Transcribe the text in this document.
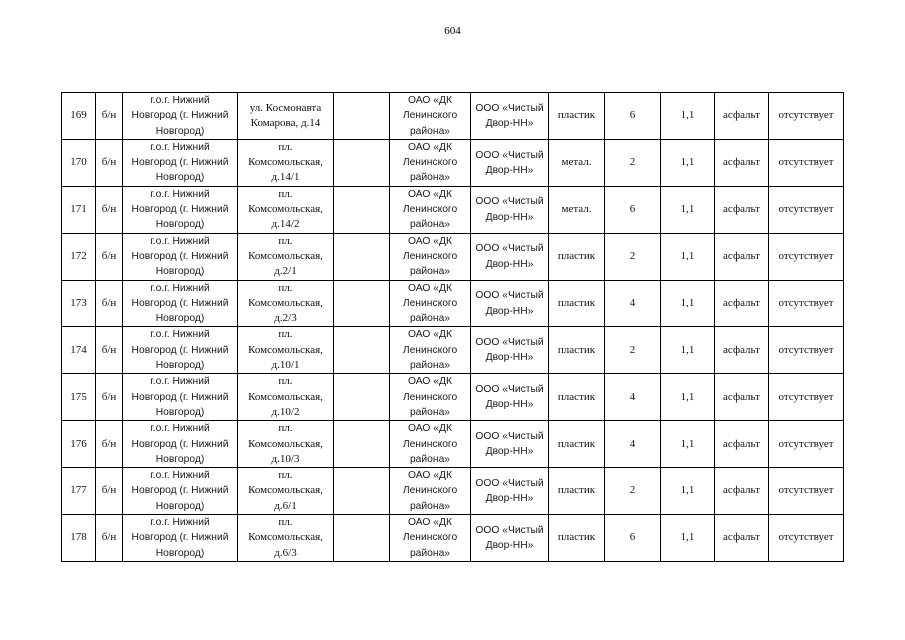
604
169	б/н	г.о.г. Нижний
Новгород (г. Нижний
Новгород)	ул. Космонавта
Комарова, д.14		ОАО «ДК
Ленинского
района»	ООО «Чистый
Двор-НН»	пластик	6	1,1	асфальт	отсутствует
170	б/н	г.о.г. Нижний
Новгород (г. Нижний
Новгород)	пл.
Комсомольская,
д.14/1		ОАО «ДК
Ленинского
района»	ООО «Чистый
Двор-НН»	метал.	2	1,1	асфальт	отсутствует
171	б/н	г.о.г. Нижний
Новгород (г. Нижний
Новгород)	пл.
Комсомольская,
д.14/2		ОАО «ДК
Ленинского
района»	ООО «Чистый
Двор-НН»	метал.	6	1,1	асфальт	отсутствует
172	б/н	г.о.г. Нижний
Новгород (г. Нижний
Новгород)	пл.
Комсомольская,
д.2/1		ОАО «ДК
Ленинского
района»	ООО «Чистый
Двор-НН»	пластик	2	1,1	асфальт	отсутствует
173	б/н	г.о.г. Нижний
Новгород (г. Нижний
Новгород)	пл.
Комсомольская,
д.2/3		ОАО «ДК
Ленинского
района»	ООО «Чистый
Двор-НН»	пластик	4	1,1	асфальт	отсутствует
174	б/н	г.о.г. Нижний
Новгород (г. Нижний
Новгород)	пл.
Комсомольская,
д.10/1		ОАО «ДК
Ленинского
района»	ООО «Чистый
Двор-НН»	пластик	2	1,1	асфальт	отсутствует
175	б/н	г.о.г. Нижний
Новгород (г. Нижний
Новгород)	пл.
Комсомольская,
д.10/2		ОАО «ДК
Ленинского
района»	ООО «Чистый
Двор-НН»	пластик	4	1,1	асфальт	отсутствует
176	б/н	г.о.г. Нижний
Новгород (г. Нижний
Новгород)	пл.
Комсомольская,
д.10/3		ОАО «ДК
Ленинского
района»	ООО «Чистый
Двор-НН»	пластик	4	1,1	асфальт	отсутствует
177	б/н	г.о.г. Нижний
Новгород (г. Нижний
Новгород)	пл.
Комсомольская,
д.6/1		ОАО «ДК
Ленинского
района»	ООО «Чистый
Двор-НН»	пластик	2	1,1	асфальт	отсутствует
178	б/н	г.о.г. Нижний
Новгород (г. Нижний
Новгород)	пл.
Комсомольская,
д.6/3		ОАО «ДК
Ленинского
района»	ООО «Чистый
Двор-НН»	пластик	6	1,1	асфальт	отсутствует
